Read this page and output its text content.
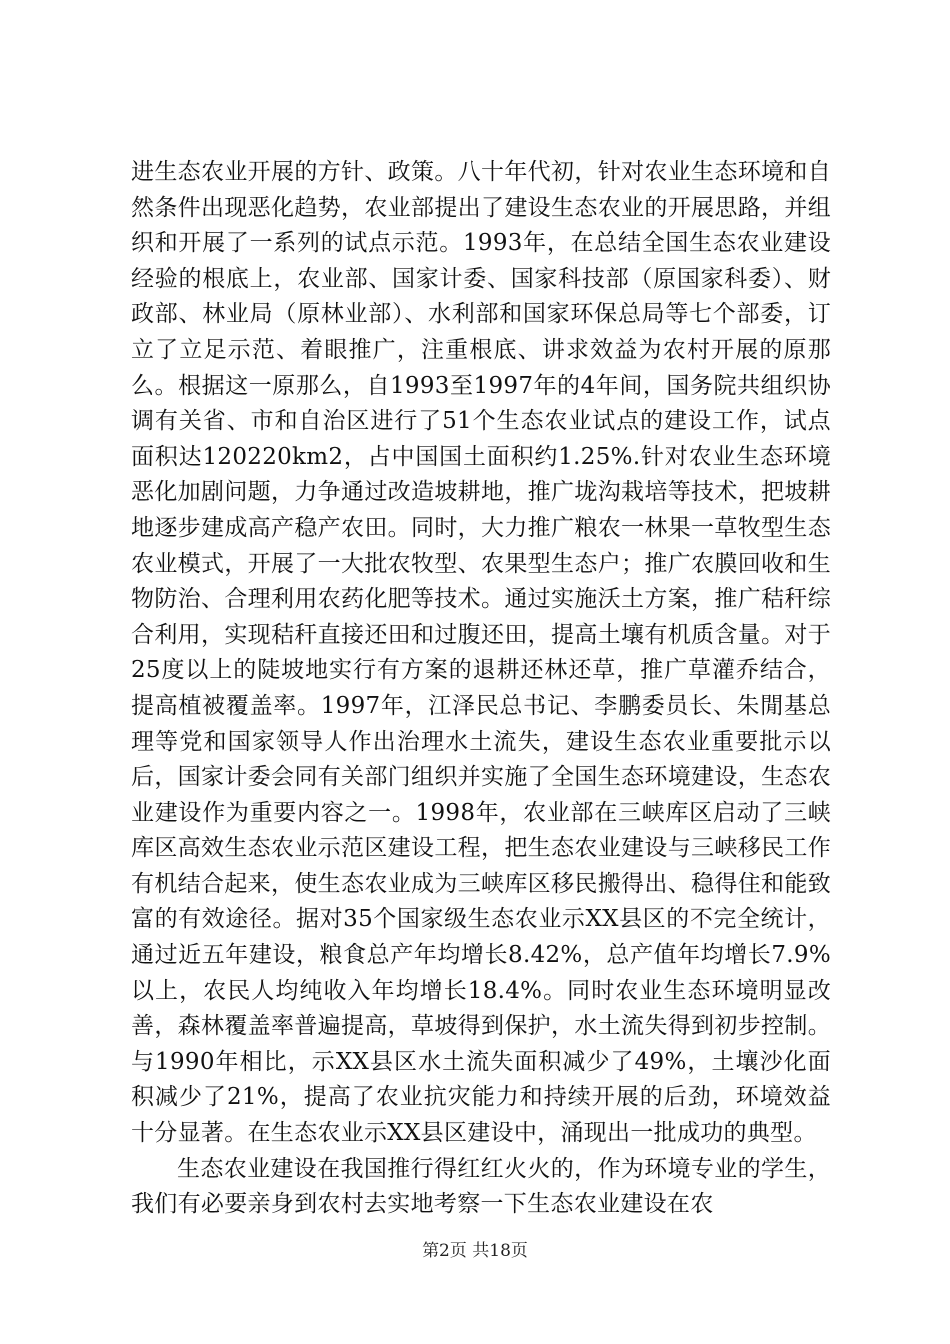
进生态农业开展的方针、政策。八十年代初，针对农业生态环境和自然条件出现恶化趋势，农业部提出了建设生态农业的开展思路，并组织和开展了一系列的试点示范。1993年，在总结全国生态农业建设经验的根底上，农业部、国家计委、国家科技部（原国家科委）、财政部、林业局（原林业部）、水利部和国家环保总局等七个部委，订立了立足示范、着眼推广，注重根底、讲求效益为农村开展的原那么。根据这一原那么，自1993至1997年的4年间，国务院共组织协调有关省、市和自治区进行了51个生态农业试点的建设工作，试点面积达120220km2，占中国国土面积约1.25%.针对农业生态环境恶化加剧问题，力争通过改造坡耕地，推广垅沟栽培等技术，把坡耕地逐步建成高产稳产农田。同时，大力推广粮农一林果一草牧型生态农业模式，开展了一大批农牧型、农果型生态户；推广农膜回收和生物防治、合理利用农药化肥等技术。通过实施沃土方案，推广秸秆综合利用，实现秸秆直接还田和过腹还田，提高土壤有机质含量。对于25度以上的陡坡地实行有方案的退耕还林还草，推广草灌乔结合，提高植被覆盖率。1997年，江泽民总书记、李鹏委员长、朱閒基总理等党和国家领导人作出治理水土流失，建设生态农业重要批示以后，国家计委会同有关部门组织并实施了全国生态环境建设，生态农业建设作为重要内容之一。1998年，农业部在三峡库区启动了三峡库区高效生态农业示范区建设工程，把生态农业建设与三峡移民工作有机结合起来，使生态农业成为三峡库区移民搬得出、稳得住和能致富的有效途径。据对35个国家级生态农业示XX县区的不完全统计，通过近五年建设，粮食总产年均增长8.42%，总产值年均增长7.9%以上，农民人均纯收入年均增长18.4%。同时农业生态环境明显改善，森林覆盖率普遍提高，草坡得到保护，水土流失得到初步控制。与1990年相比，示XX县区水土流失面积减少了49%，土壤沙化面积减少了21%，提高了农业抗灾能力和持续开展的后劲，环境效益十分显著。在生态农业示XX县区建设中，涌现出一批成功的典型。

生态农业建设在我国推行得红红火火的，作为环境专业的学生，我们有必要亲身到农村去实地考察一下生态农业建设在农

第2页 共18页
